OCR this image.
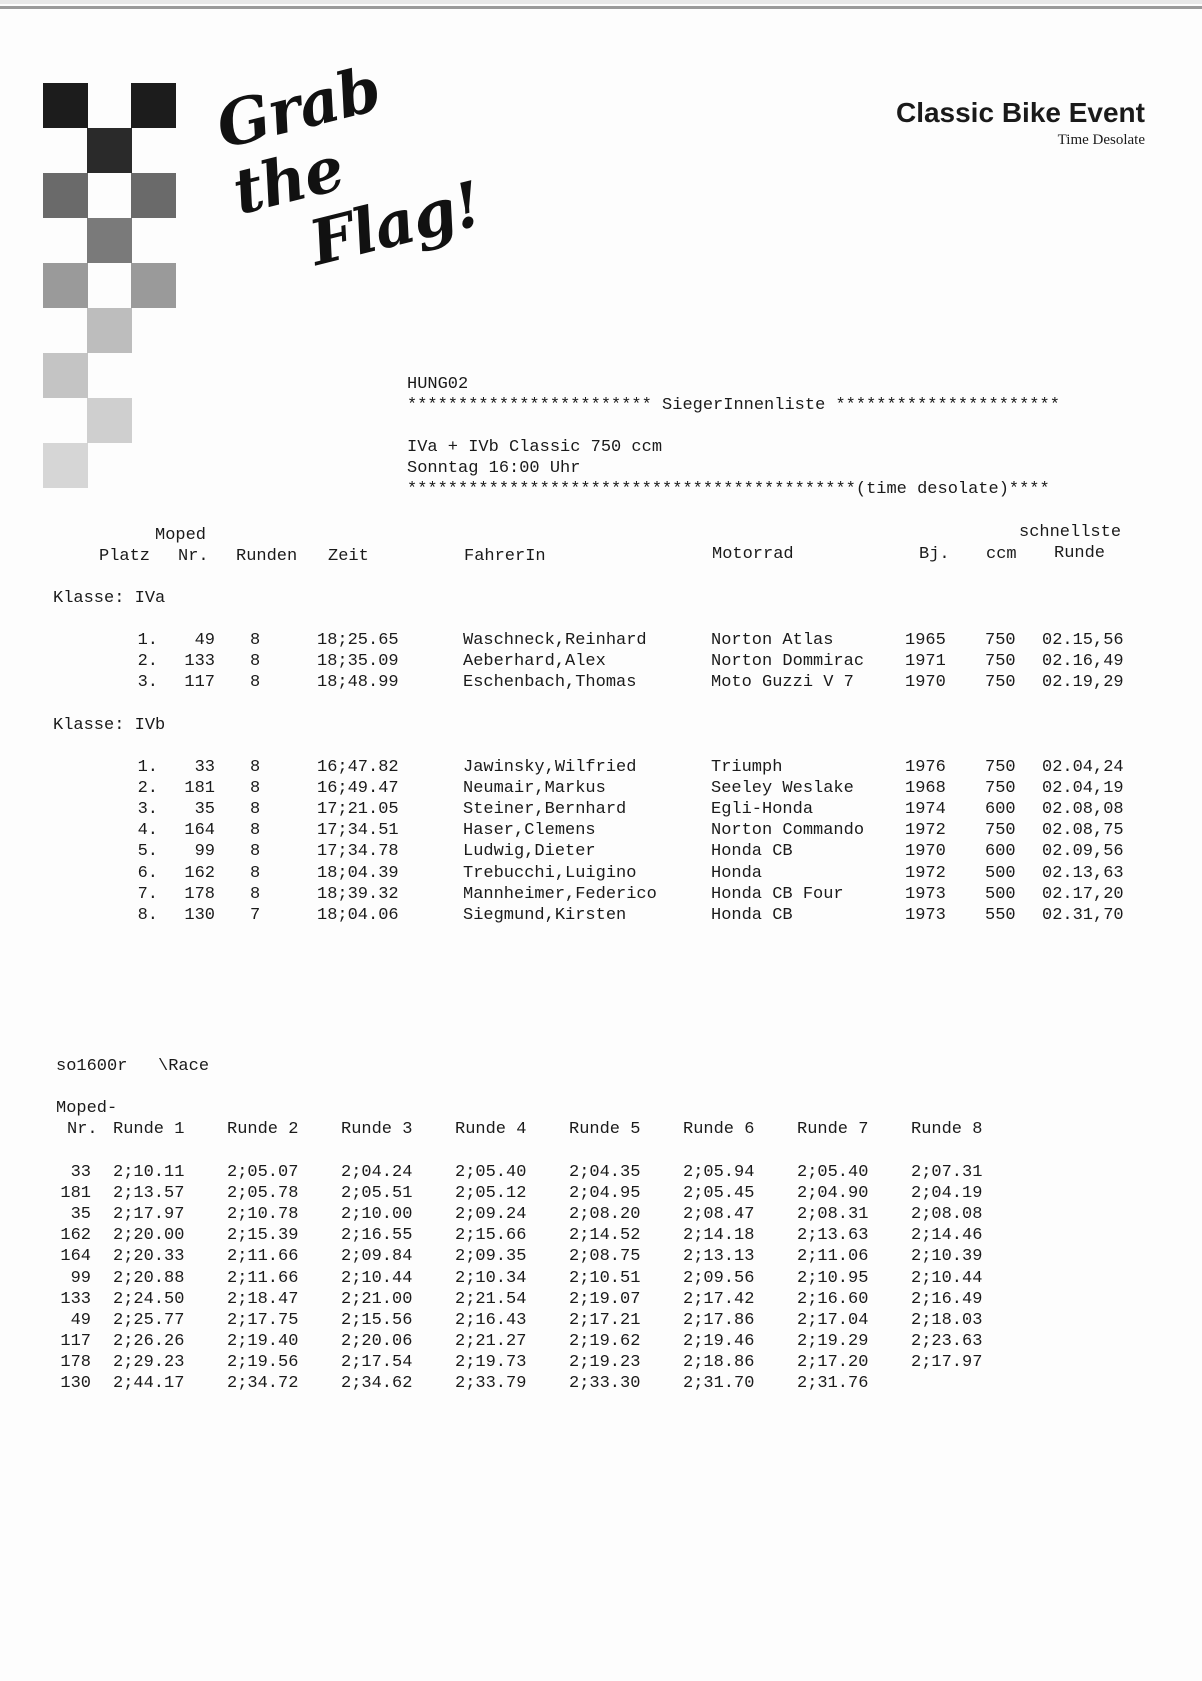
Grab the

Flag!
Classic Bike Event
Time Desolate
HUNG02
************************ SiegerInnenliste **********************
IVa + IVb Classic 750 ccm
Sonntag 16:00 Uhr
********************************************(time desolate)****
Moped	schnellste
Platz Nr. Runden Zeit	FahrerIn	Motorrad	Bj. ccm Runde
Klasse: IVa
1. 49 8	18;25.65	Waschneck,Reinhard	Norton Atlas	1965 750 02.15,56
2. 133 8	18;35.09	Aeberhard,Alex	Norton Dommirac 1971 750 02.16,49
3. 117 8	18;48.99	Eschenbach,Thomas	Moto Guzzi V 7	1970 750 02.19,29
Klasse: IVb
1. 33 8	16;47.82	Jawinsky,Wilfried	Triumph	1976 750 02.04,24
2. 181 8	16;49.47	Neumair,Markus	Seeley Weslake	1968 750 02.04,19
3. 35 8	17;21.05	Steiner,Bernhard	Egli-Honda	1974 600 02.08,08
4. 164 8	17;34.51	Haser,Clemens	Norton Commando 1972 750 02.08,75
5. 99 8	17;34.78	Ludwig,Dieter	Honda CB	1970 600 02.09,56
6. 162 8	18;04.39	Trebucchi,Luigino	Honda	1972 500 02.13,63
7. 178 8	18;39.32	Mannheimer,Federico	Honda CB Four	1973 500 02.17,20
8. 130 7	18;04.06	Siegmund,Kirsten	Honda CB	1973 550 02.31,70
so1600r   \Race
Moped-
Nr. Runde 1	Runde 2	Runde 3	Runde 4	Runde 5	Runde 6	Runde 7	Runde 8
33 2;10.11	2;05.07	2;04.24	2;05.40	2;04.35	2;05.94	2;05.40	2;07.31
181 2;13.57	2;05.78	2;05.51	2;05.12	2;04.95	2;05.45	2;04.90	2;04.19
35 2;17.97	2;10.78	2;10.00	2;09.24	2;08.20	2;08.47	2;08.31	2;08.08
162 2;20.00	2;15.39	2;16.55	2;15.66	2;14.52	2;14.18	2;13.63	2;14.46
164 2;20.33	2;11.66	2;09.84	2;09.35	2;08.75	2;13.13	2;11.06	2;10.39
99 2;20.88	2;11.66	2;10.44	2;10.34	2;10.51	2;09.56	2;10.95	2;10.44
133 2;24.50	2;18.47	2;21.00	2;21.54	2;19.07	2;17.42	2;16.60	2;16.49
49 2;25.77	2;17.75	2;15.56	2;16.43	2;17.21	2;17.86	2;17.04	2;18.03
117 2;26.26	2;19.40	2;20.06	2;21.27	2;19.62	2;19.46	2;19.29	2;23.63
178 2;29.23	2;19.56	2;17.54	2;19.73	2;19.23	2;18.86	2;17.20	2;17.97
130 2;44.17	2;34.72	2;34.62	2;33.79	2;33.30	2;31.70	2;31.76
